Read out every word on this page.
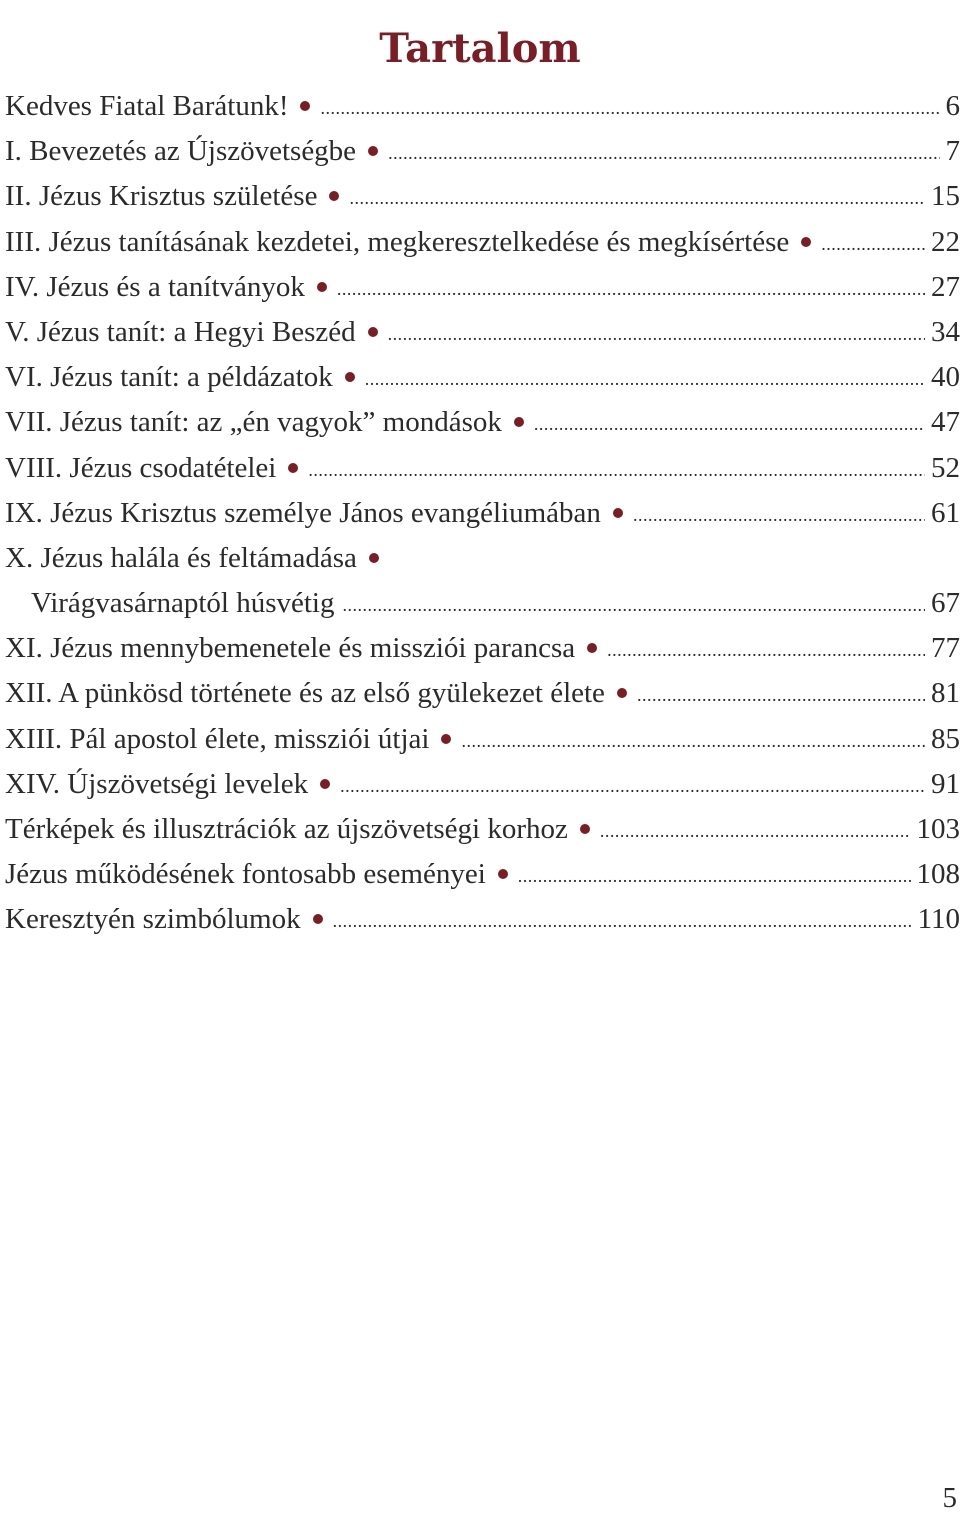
Tartalom
Kedves Fiatal Barátunk! .....	6
I. Bevezetés az Újszövetségbe .....	7
II. Jézus Krisztus születése .....	15
III. Jézus tanításának kezdetei, megkeresztelkedése és megkísértése .....	22
IV. Jézus és a tanítványok .....	27
V. Jézus tanít: a Hegyi Beszéd .....	34
VI. Jézus tanít: a példázatok .....	40
VII. Jézus tanít: az „én vagyok” mondások .....	47
VIII. Jézus csodatételei .....	52
IX. Jézus Krisztus személye János evangéliumában .....	61
X. Jézus halála és feltámadása
Virágvasárnaptól húsvétig .....	67
XI. Jézus mennybemenetele és missziói parancsa .....	77
XII. A pünkösd története és az első gyülekezet élete .....	81
XIII. Pál apostol élete, missziói útjai .....	85
XIV. Újszövetségi levelek .....	91
Térképek és illusztrációk az újszövetségi korhoz .....	103
Jézus működésének fontosabb eseményei .....	108
Keresztyén szimbólumok .....	110
5
